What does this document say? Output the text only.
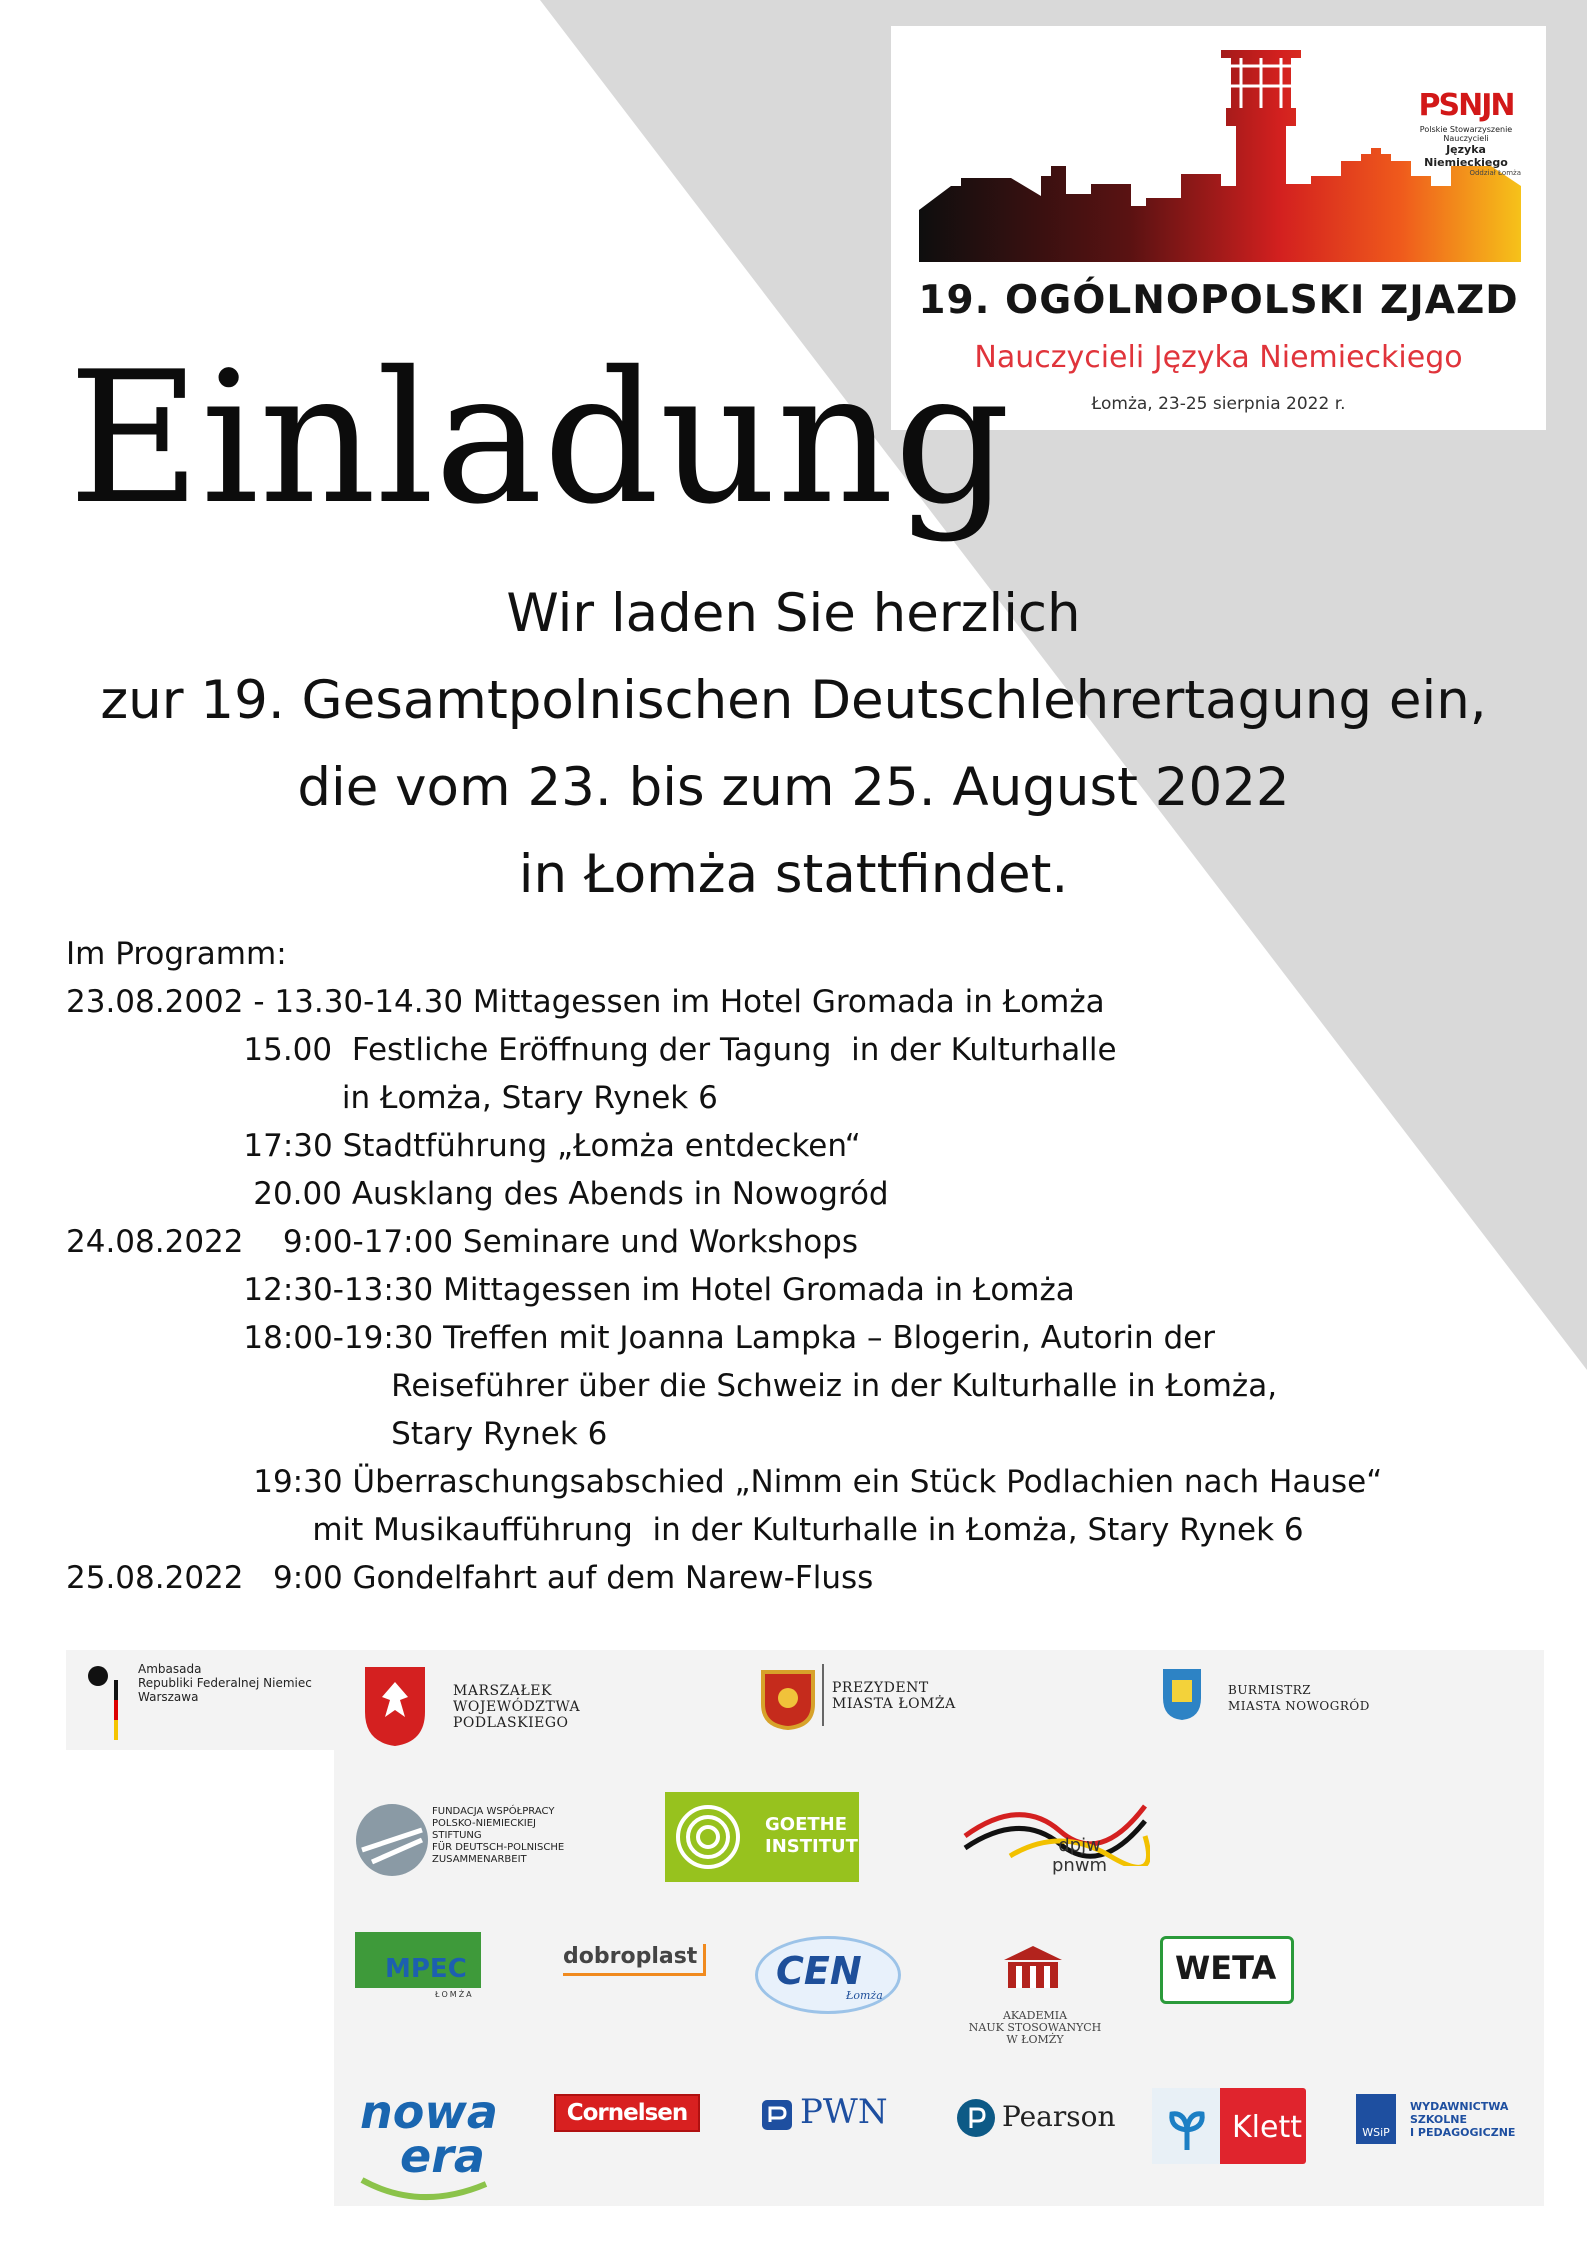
PSNJN
Polskie Stowarzyszenie Nauczycieli
Języka Niemieckiego
Oddział Łomża
19. OGÓLNOPOLSKI ZJAZD
Nauczycieli Języka Niemieckiego
Łomża, 23-25 sierpnia 2022 r.
Einladung
Wir laden Sie herzlich
zur 19. Gesamtpolnischen Deutschlehrertagung ein,
die vom 23. bis zum 25. August 2022
in Łomża stattfindet.
Im Programm:
23.08.2002 - 13.30-14.30 Mittagessen im Hotel Gromada in Łomża
15.00  Festliche Eröffnung der Tagung  in der Kulturhalle
in Łomża, Stary Rynek 6
17:30 Stadtführung „Łomża entdecken“
20.00 Ausklang des Abends in Nowogród
24.08.2022    9:00-17:00 Seminare und Workshops
12:30-13:30 Mittagessen im Hotel Gromada in Łomża
18:00-19:30 Treffen mit Joanna Lampka – Blogerin, Autorin der
Reiseführer über die Schweiz in der Kulturhalle in Łomża,
Stary Rynek 6
19:30 Überraschungsabschied „Nimm ein Stück Podlachien nach Hause“
mit Musikaufführung  in der Kulturhalle in Łomża, Stary Rynek 6
25.08.2022   9:00 Gondelfahrt auf dem Narew-Fluss
Ambasada
Republiki Federalnej Niemiec
Warszawa	MARSZAŁEK
WOJEWÓDZTWA
PODLASKIEGO
PREZYDENT
MIASTA ŁOMŻA
BURMISTRZ
MIASTA NOWOGRÓD
FUNDACJA WSPÓŁPRACY
POLSKO-NIEMIECKIEJ
STIFTUNG
FÜR DEUTSCH-POLNISCHE
ZUSAMMENARBEIT
GOETHE
INSTITUT	dpjw
pnwm
MPEC
ŁOMŻA
dobroplast CEN
Łomża
AKADEMIA
NAUK STOSOWANYCH
W ŁOMŻY
WETA
nowa
era
Cornelsen	PWN	Pearson	Klett	WSiP
WYDAWNICTWA
SZKOLNE
I PEDAGOGICZNE
